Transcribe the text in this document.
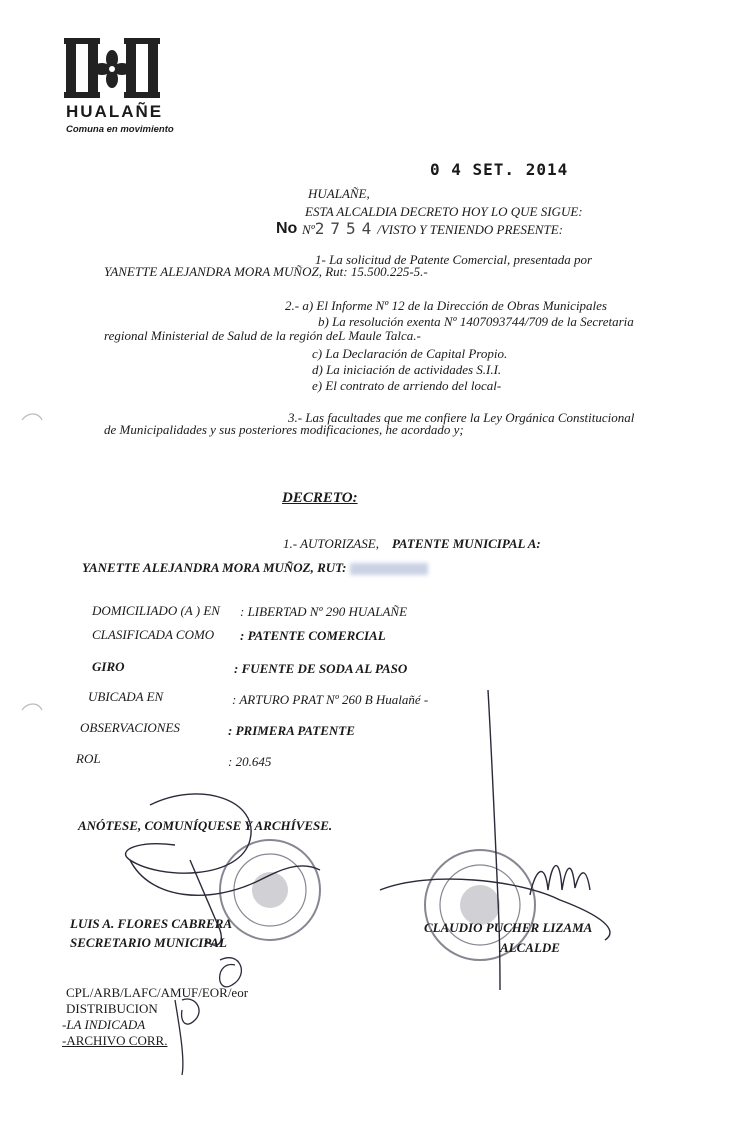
HUALAÑE
Comuna en movimiento
0 4 SET. 2014
HUALAÑE,
ESTA ALCALDIA DECRETO HOY LO QUE SIGUE:
No Nº2754/VISTO Y TENIENDO PRESENTE:
1- La solicitud de Patente Comercial, presentada por
YANETTE ALEJANDRA MORA MUÑOZ, Rut: 15.500.225-5.-
2.- a) El Informe Nº 12 de la Dirección de Obras Municipales
b) La resolución exenta Nº 1407093744/709 de la Secretaria
regional Ministerial de Salud de la región deL Maule Talca.-
c) La Declaración de Capital Propio.
d) La iniciación de actividades S.I.I.
e) El contrato de arriendo del local-
3.- Las facultades que me confiere la Ley Orgánica Constitucional
de Municipalidades y sus posteriores modificaciones, he acordado y;
DECRETO:
1.- AUTORIZASE, PATENTE MUNICIPAL A:
YANETTE ALEJANDRA MORA MUÑOZ, RUT:
DOMICILIADO (A ) EN : LIBERTAD Nº 290 HUALAÑE
CLASIFICADA COMO : PATENTE COMERCIAL
GIRO	: FUENTE DE SODA AL PASO
UBICADA EN	: ARTURO PRAT Nº 260 B Hualañé -
OBSERVACIONES	: PRIMERA PATENTE
ROL	: 20.645
ANÓTESE, COMUNÍQUESE Y ARCHÍVESE.
LUIS A. FLORES CABRERA
SECRETARIO MUNICIPAL
CLAUDIO PUCHER LIZAMA
ALCALDE
CPL/ARB/LAFC/AMUF/EOR/eor
DISTRIBUCION
-LA INDICADA
-ARCHIVO CORR.
